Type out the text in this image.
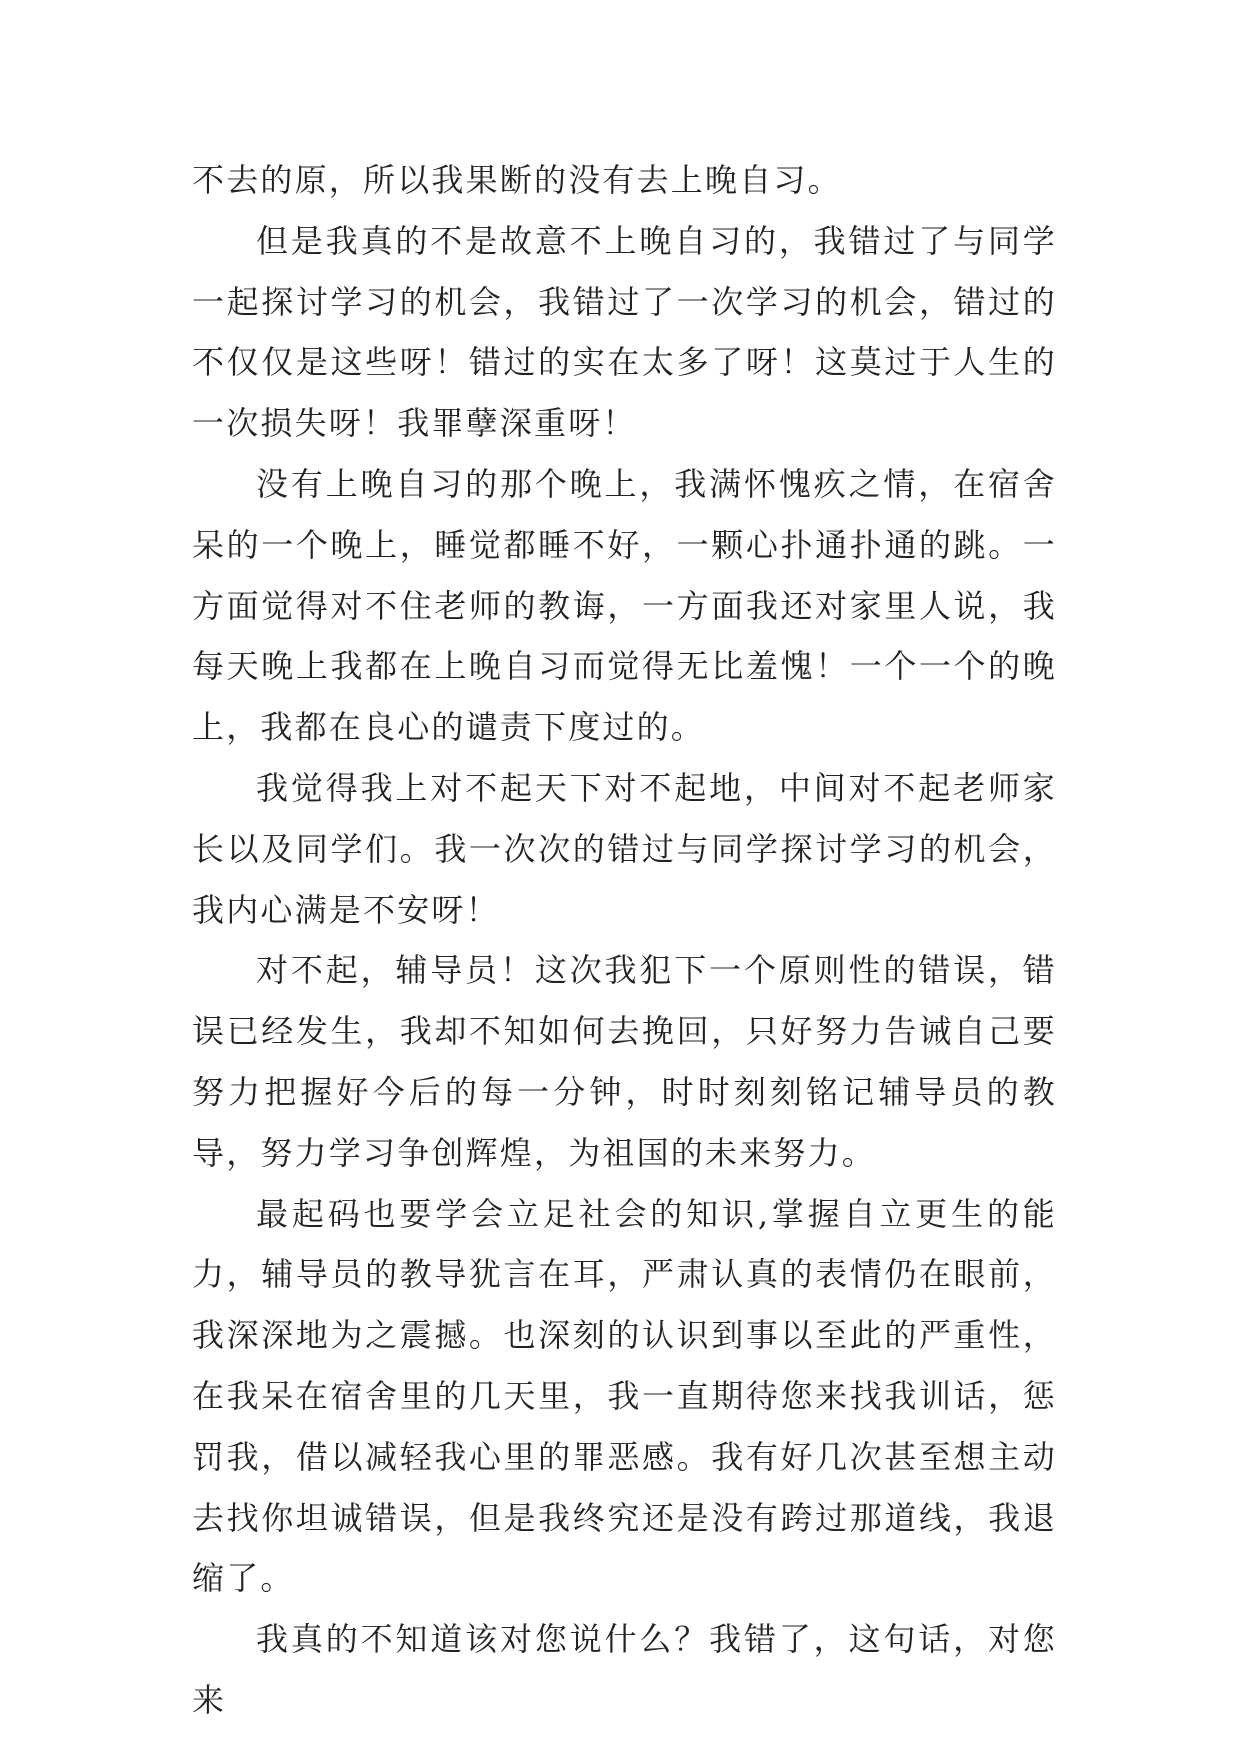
不去的原，所以我果断的没有去上晚自习。

但是我真的不是故意不上晚自习的，我错过了与同学一起探讨学习的机会，我错过了一次学习的机会，错过的不仅仅是这些呀！错过的实在太多了呀！这莫过于人生的一次损失呀！我罪孽深重呀！

没有上晚自习的那个晚上，我满怀愧疚之情，在宿舍呆的一个晚上，睡觉都睡不好，一颗心扑通扑通的跳。一方面觉得对不住老师的教诲，一方面我还对家里人说，我每天晚上我都在上晚自习而觉得无比羞愧！一个一个的晚上，我都在良心的谴责下度过的。

我觉得我上对不起天下对不起地，中间对不起老师家长以及同学们。我一次次的错过与同学探讨学习的机会，我内心满是不安呀！

对不起，辅导员！这次我犯下一个原则性的错误，错误已经发生，我却不知如何去挽回，只好努力告诫自己要努力把握好今后的每一分钟，时时刻刻铭记辅导员的教导，努力学习争创辉煌，为祖国的未来努力。

最起码也要学会立足社会的知识,掌握自立更生的能力，辅导员的教导犹言在耳，严肃认真的表情仍在眼前，我深深地为之震撼。也深刻的认识到事以至此的严重性，在我呆在宿舍里的几天里，我一直期待您来找我训话，惩罚我，借以减轻我心里的罪恶感。我有好几次甚至想主动去找你坦诚错误，但是我终究还是没有跨过那道线，我退缩了。

我真的不知道该对您说什么？我错了，这句话，对您来
